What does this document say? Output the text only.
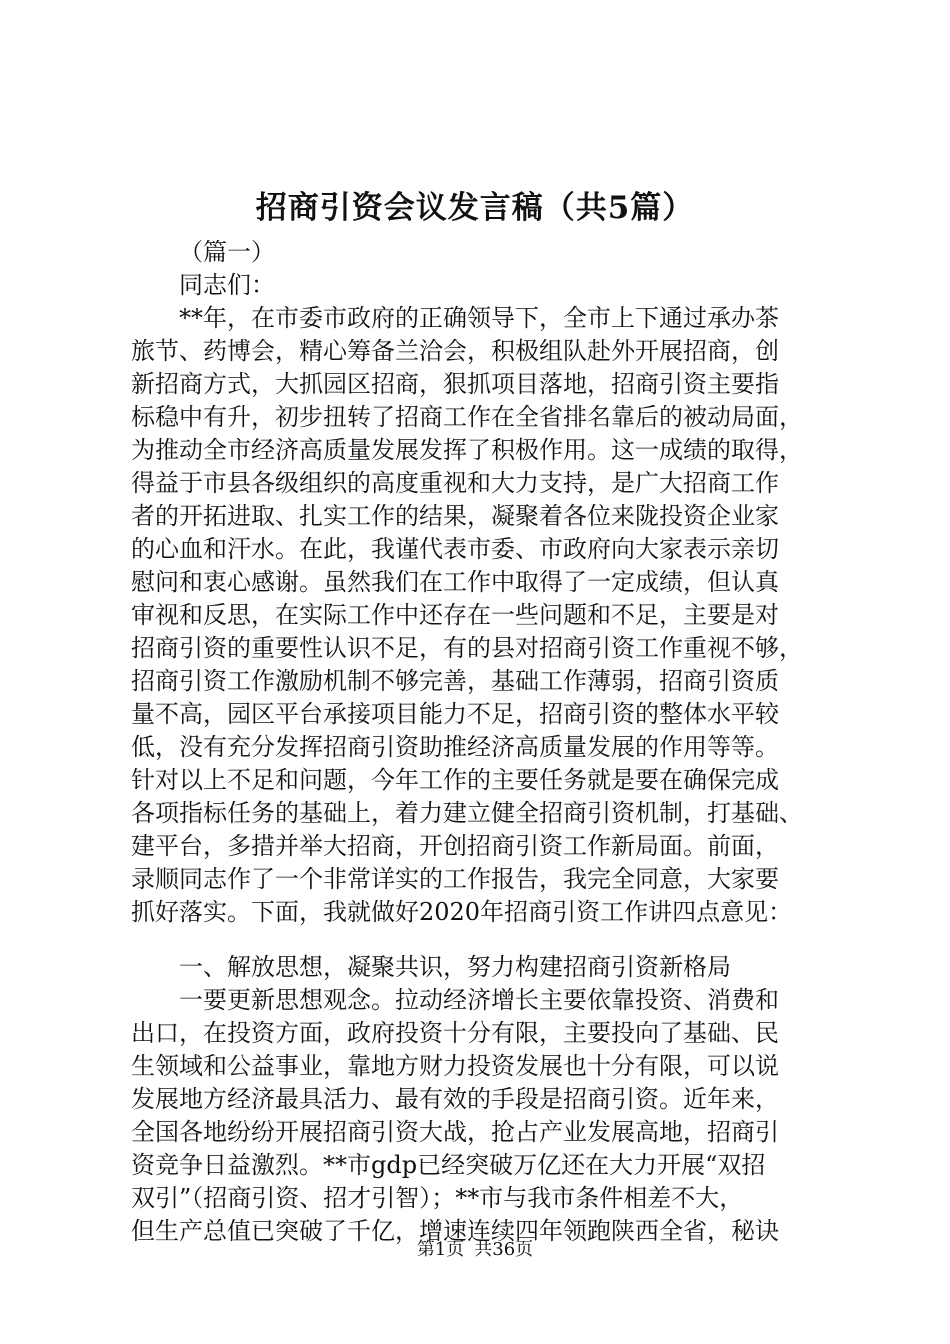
招商引资会议发言稿（共5篇）

（篇一）

同志们：

**年，在市委市政府的正确领导下，全市上下通过承办茶

旅节、药博会，精心筹备兰洽会，积极组队赴外开展招商，创

新招商方式，大抓园区招商，狠抓项目落地，招商引资主要指

标稳中有升，初步扭转了招商工作在全省排名靠后的被动局面，

为推动全市经济高质量发展发挥了积极作用。这一成绩的取得，

得益于市县各级组织的高度重视和大力支持，是广大招商工作

者的开拓进取、扎实工作的结果，凝聚着各位来陇投资企业家

的心血和汗水。在此，我谨代表市委、市政府向大家表示亲切

慰问和衷心感谢。虽然我们在工作中取得了一定成绩，但认真

审视和反思，在实际工作中还存在一些问题和不足，主要是对

招商引资的重要性认识不足，有的县对招商引资工作重视不够，

招商引资工作激励机制不够完善，基础工作薄弱，招商引资质

量不高，园区平台承接项目能力不足，招商引资的整体水平较

低，没有充分发挥招商引资助推经济高质量发展的作用等等。

针对以上不足和问题，今年工作的主要任务就是要在确保完成

各项指标任务的基础上，着力建立健全招商引资机制，打基础、

建平台，多措并举大招商，开创招商引资工作新局面。前面，

录顺同志作了一个非常详实的工作报告，我完全同意，大家要

抓好落实。下面，我就做好2020年招商引资工作讲四点意见：

一、解放思想，凝聚共识，努力构建招商引资新格局

一要更新思想观念。拉动经济增长主要依靠投资、消费和

出口，在投资方面，政府投资十分有限，主要投向了基础、民

生领域和公益事业，靠地方财力投资发展也十分有限，可以说

发展地方经济最具活力、最有效的手段是招商引资。近年来，

全国各地纷纷开展招商引资大战，抢占产业发展高地，招商引

资竞争日益激烈。**市gdp已经突破万亿还在大力开展“双招

双引”（招商引资、招才引智）；**市与我市条件相差不大，

但生产总值已突破了千亿，增速连续四年领跑陕西全省，秘诀

第1页 共36页
